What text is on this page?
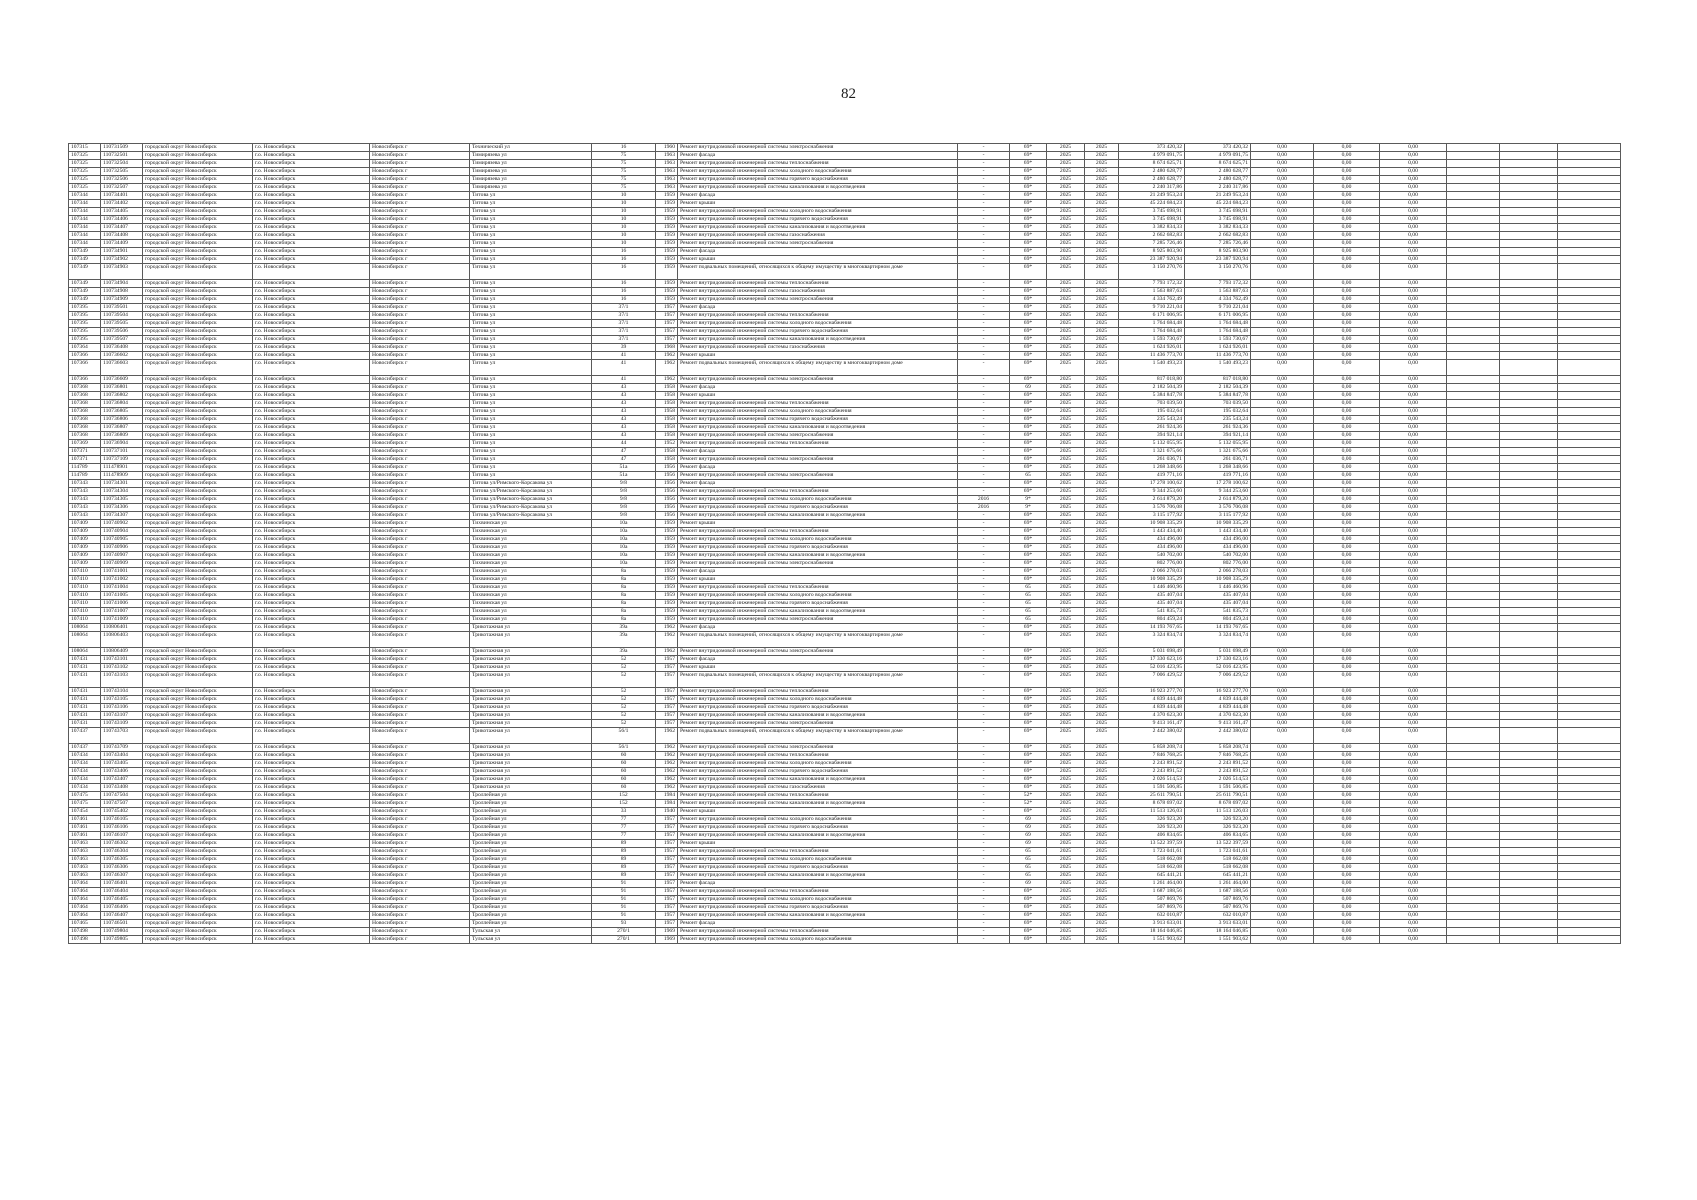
82
107315	110731509	городской округ Новосибирск	г.о. Новосибирск	Новосибирск г	Технический ул	16	1960	Ремонт внутридомовой инженерной системы электроснабжения	-	69*	2025	2025	373 420,32	373 420,32	0,00	0,00	0,00			
107325	110732501	городской округ Новосибирск	г.о. Новосибирск	Новосибирск г	Тимирязева ул	75	1963	Ремонт фасада	-	69*	2025	2025	4 979 091,75	4 979 091,75	0,00	0,00	0,00			
107325	110732504	городской округ Новосибирск	г.о. Новосибирск	Новосибирск г	Тимирязева ул	75	1963	Ремонт внутридомовой инженерной системы теплоснабжения	-	69*	2025	2025	8 674 625,71	8 674 625,71	0,00	0,00	0,00			
107325	110732505	городской округ Новосибирск	г.о. Новосибирск	Новосибирск г	Тимирязева ул	75	1963	Ремонт внутридомовой инженерной системы холодного водоснабжения	-	69*	2025	2025	2 480 628,77	2 480 628,77	0,00	0,00	0,00			
107325	110732506	городской округ Новосибирск	г.о. Новосибирск	Новосибирск г	Тимирязева ул	75	1963	Ремонт внутридомовой инженерной системы горячего водоснабжения	-	69*	2025	2025	2 480 628,77	2 480 628,77	0,00	0,00	0,00			
107325	110732507	городской округ Новосибирск	г.о. Новосибирск	Новосибирск г	Тимирязева ул	75	1963	Ремонт внутридомовой инженерной системы канализования и водоотведения	-	69*	2025	2025	2 240 317,86	2 240 317,86	0,00	0,00	0,00			
107344	110734401	городской округ Новосибирск	г.о. Новосибирск	Новосибирск г	Титова ул	10	1959	Ремонт фасада	-	69*	2025	2025	21 249 953,24	21 249 953,24	0,00	0,00	0,00			
107344	110734402	городской округ Новосибирск	г.о. Новосибирск	Новосибирск г	Титова ул	10	1959	Ремонт крыши	-	69*	2025	2025	45 224 684,23	45 224 684,23	0,00	0,00	0,00			
107344	110734405	городской округ Новосибирск	г.о. Новосибирск	Новосибирск г	Титова ул	10	1959	Ремонт внутридомовой инженерной системы холодного водоснабжения	-	69*	2025	2025	3 745 698,91	3 745 698,91	0,00	0,00	0,00			
107344	110734406	городской округ Новосибирск	г.о. Новосибирск	Новосибирск г	Титова ул	10	1959	Ремонт внутридомовой инженерной системы горячего водоснабжения	-	69*	2025	2025	3 745 698,91	3 745 698,91	0,00	0,00	0,00			
107344	110734407	городской округ Новосибирск	г.о. Новосибирск	Новосибирск г	Титова ул	10	1959	Ремонт внутридомовой инженерной системы канализования и водоотведения	-	69*	2025	2025	3 382 834,33	3 382 834,33	0,00	0,00	0,00			
107344	110734408	городской округ Новосибирск	г.о. Новосибирск	Новосибирск г	Титова ул	10	1959	Ремонт внутридомовой инженерной системы газоснабжения	-	69*	2025	2025	2 662 682,83	2 662 682,83	0,00	0,00	0,00			
107344	110734409	городской округ Новосибирск	г.о. Новосибирск	Новосибирск г	Титова ул	10	1959	Ремонт внутридомовой инженерной системы электроснабжения	-	69*	2025	2025	7 285 726,46	7 285 726,46	0,00	0,00	0,00			
107349	110734901	городской округ Новосибирск	г.о. Новосибирск	Новосибирск г	Титова ул	16	1959	Ремонт фасада	-	69*	2025	2025	8 925 803,90	8 925 803,90	0,00	0,00	0,00			
107349	110734902	городской округ Новосибирск	г.о. Новосибирск	Новосибирск г	Титова ул	16	1959	Ремонт крыши	-	69*	2025	2025	23 387 920,94	23 387 920,94	0,00	0,00	0,00			
107349	110734903	городской округ Новосибирск	г.о. Новосибирск	Новосибирск г	Титова ул	16	1959	Ремонт подвальных помещений, относящихся к общему имуществу в многоквартирном доме	-	69*	2025	2025	3 150 270,76	3 150 270,76	0,00	0,00	0,00			
107349	110734904	городской округ Новосибирск	г.о. Новосибирск	Новосибирск г	Титова ул	16	1959	Ремонт внутридомовой инженерной системы теплоснабжения	-	69*	2025	2025	7 793 172,32	7 793 172,32	0,00	0,00	0,00			
107349	110734908	городской округ Новосибирск	г.о. Новосибирск	Новосибирск г	Титова ул	16	1959	Ремонт внутридомовой инженерной системы газоснабжения	-	69*	2025	2025	1 563 887,63	1 563 887,63	0,00	0,00	0,00			
107349	110734909	городской округ Новосибирск	г.о. Новосибирск	Новосибирск г	Титова ул	16	1959	Ремонт внутридомовой инженерной системы электроснабжения	-	69*	2025	2025	4 334 762,49	4 334 762,49	0,00	0,00	0,00			
107395	110739501	городской округ Новосибирск	г.о. Новосибирск	Новосибирск г	Титова ул	37/1	1957	Ремонт фасада	-	69*	2025	2025	9 710 221,04	9 710 221,04	0,00	0,00	0,00			
107395	110739504	городской округ Новосибирск	г.о. Новосибирск	Новосибирск г	Титова ул	37/1	1957	Ремонт внутридомовой инженерной системы теплоснабжения	-	69*	2025	2025	6 171 006,95	6 171 006,95	0,00	0,00	0,00			
107395	110739505	городской округ Новосибирск	г.о. Новосибирск	Новосибирск г	Титова ул	37/1	1957	Ремонт внутридомовой инженерной системы холодного водоснабжения	-	69*	2025	2025	1 764 684,48	1 764 684,48	0,00	0,00	0,00			
107395	110739506	городской округ Новосибирск	г.о. Новосибирск	Новосибирск г	Титова ул	37/1	1957	Ремонт внутридомовой инженерной системы горячего водоснабжения	-	69*	2025	2025	1 764 684,48	1 764 684,48	0,00	0,00	0,00			
107395	110739507	городской округ Новосибирск	г.о. Новосибирск	Новосибирск г	Титова ул	37/1	1957	Ремонт внутридомовой инженерной системы канализования и водоотведения	-	69*	2025	2025	1 593 730,67	1 593 730,67	0,00	0,00	0,00			
107364	110736408	городской округ Новосибирск	г.о. Новосибирск	Новосибирск г	Титова ул	39	1968	Ремонт внутридомовой инженерной системы газоснабжения	-	69*	2025	2025	1 624 926,01	1 624 926,01	0,00	0,00	0,00			
107366	110736602	городской округ Новосибирск	г.о. Новосибирск	Новосибирск г	Титова ул	41	1962	Ремонт крыши	-	69*	2025	2025	11 436 773,70	11 436 773,70	0,00	0,00	0,00			
107366	110736603	городской округ Новосибирск	г.о. Новосибирск	Новосибирск г	Титова ул	41	1962	Ремонт подвальных помещений, относящихся к общему имуществу в многоквартирном доме	-	69*	2025	2025	1 540 493,23	1 540 493,23	0,00	0,00	0,00			
107366	110736609	городской округ Новосибирск	г.о. Новосибирск	Новосибирск г	Титова ул	41	1962	Ремонт внутридомовой инженерной системы электроснабжения	-	69*	2025	2025	817 018,80	817 018,80	0,00	0,00	0,00			
107368	110736801	городской округ Новосибирск	г.о. Новосибирск	Новосибирск г	Титова ул	43	1958	Ремонт фасада	-	69	2025	2025	2 182 504,39	2 182 504,39	0,00	0,00	0,00			
107368	110736802	городской округ Новосибирск	г.о. Новосибирск	Новосибирск г	Титова ул	43	1958	Ремонт крыши	-	69*	2025	2025	5 384 847,78	5 384 847,78	0,00	0,00	0,00			
107368	110736804	городской округ Новосибирск	г.о. Новосибирск	Новосибирск г	Титова ул	43	1958	Ремонт внутридомовой инженерной системы теплоснабжения	-	69*	2025	2025	703 039,50	703 039,50	0,00	0,00	0,00			
107368	110736805	городской округ Новосибирск	г.о. Новосибирск	Новосибирск г	Титова ул	43	1958	Ремонт внутридомовой инженерной системы холодного водоснабжения	-	69*	2025	2025	195 032,64	195 032,64	0,00	0,00	0,00			
107368	110736806	городской округ Новосибирск	г.о. Новосибирск	Новосибирск г	Титова ул	43	1958	Ремонт внутридомовой инженерной системы горячего водоснабжения	-	69*	2025	2025	235 543,24	235 543,24	0,00	0,00	0,00			
107368	110736807	городской округ Новосибирск	г.о. Новосибирск	Новосибирск г	Титова ул	43	1958	Ремонт внутридомовой инженерной системы канализования и водоотведения	-	69*	2025	2025	261 924,36	261 924,36	0,00	0,00	0,00			
107368	110736809	городской округ Новосибирск	г.о. Новосибирск	Новосибирск г	Титова ул	43	1958	Ремонт внутридомовой инженерной системы электроснабжения	-	69*	2025	2025	394 921,14	394 921,14	0,00	0,00	0,00			
107369	110736904	городской округ Новосибирск	г.о. Новосибирск	Новосибирск г	Титова ул	44	1952	Ремонт внутридомовой инженерной системы теплоснабжения	-	69*	2025	2025	5 132 055,95	5 132 055,95	0,00	0,00	0,00			
107371	110737101	городской округ Новосибирск	г.о. Новосибирск	Новосибирск г	Титова ул	47	1958	Ремонт фасада	-	69*	2025	2025	1 321 675,66	1 321 675,66	0,00	0,00	0,00			
107371	110737109	городской округ Новосибирск	г.о. Новосибирск	Новосибирск г	Титова ул	47	1958	Ремонт внутридомовой инженерной системы электроснабжения	-	69*	2025	2025	261 036,71	261 036,71	0,00	0,00	0,00			
114789	111478901	городской округ Новосибирск	г.о. Новосибирск	Новосибирск г	Титова ул	51а	1956	Ремонт фасада	-	69*	2025	2025	1 268 348,66	1 268 348,66	0,00	0,00	0,00			
114789	111478909	городской округ Новосибирск	г.о. Новосибирск	Новосибирск г	Титова ул	51а	1956	Ремонт внутридомовой инженерной системы электроснабжения	-	65	2025	2025	419 771,16	419 771,16	0,00	0,00	0,00			
107343	110734301	городской округ Новосибирск	г.о. Новосибирск	Новосибирск г	Титова ул/Римского-Корсакова ул	9/8	1956	Ремонт фасада	-	69*	2025	2025	17 278 100,62	17 278 100,62	0,00	0,00	0,00			
107343	110734304	городской округ Новосибирск	г.о. Новосибирск	Новосибирск г	Титова ул/Римского-Корсакова ул	9/8	1956	Ремонт внутридомовой инженерной системы теплоснабжения	-	69*	2025	2025	9 344 253,60	9 344 253,60	0,00	0,00	0,00			
107343	110734305	городской округ Новосибирск	г.о. Новосибирск	Новосибирск г	Титова ул/Римского-Корсакова ул	9/8	1956	Ремонт внутридомовой инженерной системы холодного водоснабжения	2016	9*	2025	2025	2 614 879,20	2 614 879,20	0,00	0,00	0,00			
107343	110734306	городской округ Новосибирск	г.о. Новосибирск	Новосибирск г	Титова ул/Римского-Корсакова ул	9/8	1956	Ремонт внутридомовой инженерной системы горячего водоснабжения	2016	9*	2025	2025	3 576 706,08	3 576 706,08	0,00	0,00	0,00			
107343	110734307	городской округ Новосибирск	г.о. Новосибирск	Новосибирск г	Титова ул/Римского-Корсакова ул	9/8	1956	Ремонт внутридомовой инженерной системы канализования и водоотведения	-	69*	2025	2025	3 115 177,92	3 115 177,92	0,00	0,00	0,00			
107409	110740902	городской округ Новосибирск	г.о. Новосибирск	Новосибирск г	Тихвинская ул	10а	1959	Ремонт крыши	-	69*	2025	2025	10 908 335,29	10 908 335,29	0,00	0,00	0,00			
107409	110740904	городской округ Новосибирск	г.о. Новосибирск	Новосибирск г	Тихвинская ул	10а	1959	Ремонт внутридомовой инженерной системы теплоснабжения	-	69*	2025	2025	1 443 434,40	1 443 434,40	0,00	0,00	0,00			
107409	110740905	городской округ Новосибирск	г.о. Новосибирск	Новосибирск г	Тихвинская ул	10а	1959	Ремонт внутридомовой инженерной системы холодного водоснабжения	-	69*	2025	2025	434 496,00	434 496,00	0,00	0,00	0,00			
107409	110740906	городской округ Новосибирск	г.о. Новосибирск	Новосибирск г	Тихвинская ул	10а	1959	Ремонт внутридомовой инженерной системы горячего водоснабжения	-	69*	2025	2025	434 496,00	434 496,00	0,00	0,00	0,00			
107409	110740907	городской округ Новосибирск	г.о. Новосибирск	Новосибирск г	Тихвинская ул	10а	1959	Ремонт внутридомовой инженерной системы канализования и водоотведения	-	69*	2025	2025	540 702,00	540 702,00	0,00	0,00	0,00			
107409	110740909	городской округ Новосибирск	г.о. Новосибирск	Новосибирск г	Тихвинская ул	10а	1959	Ремонт внутридомовой инженерной системы электроснабжения	-	69*	2025	2025	802 776,00	802 776,00	0,00	0,00	0,00			
107410	110741001	городской округ Новосибирск	г.о. Новосибирск	Новосибирск г	Тихвинская ул	8а	1959	Ремонт фасада	-	69*	2025	2025	2 066 278,03	2 066 278,03	0,00	0,00	0,00			
107410	110741002	городской округ Новосибирск	г.о. Новосибирск	Новосибирск г	Тихвинская ул	8а	1959	Ремонт крыши	-	69*	2025	2025	10 908 335,29	10 908 335,29	0,00	0,00	0,00			
107410	110741004	городской округ Новосибирск	г.о. Новосибирск	Новосибирск г	Тихвинская ул	8а	1959	Ремонт внутридомовой инженерной системы теплоснабжения	-	65	2025	2025	1 446 460,96	1 446 460,96	0,00	0,00	0,00			
107410	110741005	городской округ Новосибирск	г.о. Новосибирск	Новосибирск г	Тихвинская ул	8а	1959	Ремонт внутридомовой инженерной системы холодного водоснабжения	-	65	2025	2025	435 407,04	435 407,04	0,00	0,00	0,00			
107410	110741006	городской округ Новосибирск	г.о. Новосибирск	Новосибирск г	Тихвинская ул	8а	1959	Ремонт внутридомовой инженерной системы горячего водоснабжения	-	65	2025	2025	435 407,04	435 407,04	0,00	0,00	0,00			
107410	110741007	городской округ Новосибирск	г.о. Новосибирск	Новосибирск г	Тихвинская ул	8а	1959	Ремонт внутридомовой инженерной системы канализования и водоотведения	-	65	2025	2025	541 835,73	541 835,73	0,00	0,00	0,00			
107410	110741009	городской округ Новосибирск	г.о. Новосибирск	Новосибирск г	Тихвинская ул	8а	1959	Ремонт внутридомовой инженерной системы электроснабжения	-	65	2025	2025	804 459,24	804 459,24	0,00	0,00	0,00			
108064	110806401	городской округ Новосибирск	г.о. Новосибирск	Новосибирск г	Трикотажная ул	39а	1962	Ремонт фасада	-	69*	2025	2025	14 193 767,65	14 193 767,65	0,00	0,00	0,00			
108064	110806403	городской округ Новосибирск	г.о. Новосибирск	Новосибирск г	Трикотажная ул	39а	1962	Ремонт подвальных помещений, относящихся к общему имуществу в многоквартирном доме	-	69*	2025	2025	3 324 834,74	3 324 834,74	0,00	0,00	0,00			
108064	110806409	городской округ Новосибирск	г.о. Новосибирск	Новосибирск г	Трикотажная ул	39а	1962	Ремонт внутридомовой инженерной системы электроснабжения	-	69*	2025	2025	5 031 698,49	5 031 698,49	0,00	0,00	0,00			
107431	110743101	городской округ Новосибирск	г.о. Новосибирск	Новосибирск г	Трикотажная ул	52	1957	Ремонт фасада	-	69*	2025	2025	17 330 623,16	17 330 623,16	0,00	0,00	0,00			
107431	110743102	городской округ Новосибирск	г.о. Новосибирск	Новосибирск г	Трикотажная ул	52	1957	Ремонт крыши	-	69*	2025	2025	52 016 423,95	52 016 423,95	0,00	0,00	0,00			
107431	110743103	городской округ Новосибирск	г.о. Новосибирск	Новосибирск г	Трикотажная ул	52	1957	Ремонт подвальных помещений, относящихся к общему имуществу в многоквартирном доме	-	69*	2025	2025	7 006 429,52	7 006 429,52	0,00	0,00	0,00			
107431	110743104	городской округ Новосибирск	г.о. Новосибирск	Новосибирск г	Трикотажная ул	52	1957	Ремонт внутридомовой инженерной системы теплоснабжения	-	69*	2025	2025	16 923 277,70	16 923 277,70	0,00	0,00	0,00			
107431	110743105	городской округ Новосибирск	г.о. Новосибирск	Новосибирск г	Трикотажная ул	52	1957	Ремонт внутридомовой инженерной системы холодного водоснабжения	-	69*	2025	2025	4 839 444,48	4 839 444,48	0,00	0,00	0,00			
107431	110743106	городской округ Новосибирск	г.о. Новосибирск	Новосибирск г	Трикотажная ул	52	1957	Ремонт внутридомовой инженерной системы горячего водоснабжения	-	69*	2025	2025	4 839 444,48	4 839 444,48	0,00	0,00	0,00			
107431	110743107	городской округ Новосибирск	г.о. Новосибирск	Новосибирск г	Трикотажная ул	52	1957	Ремонт внутридомовой инженерной системы канализования и водоотведения	-	69*	2025	2025	4 370 623,30	4 370 623,30	0,00	0,00	0,00			
107431	110743109	городской округ Новосибирск	г.о. Новосибирск	Новосибирск г	Трикотажная ул	52	1957	Ремонт внутридомовой инженерной системы электроснабжения	-	69*	2025	2025	9 413 161,47	9 413 161,47	0,00	0,00	0,00			
107437	110743703	городской округ Новосибирск	г.о. Новосибирск	Новосибирск г	Трикотажная ул	56/1	1962	Ремонт подвальных помещений, относящихся к общему имуществу в многоквартирном доме	-	69*	2025	2025	2 442 380,02	2 442 380,02	0,00	0,00	0,00			
107437	110743709	городской округ Новосибирск	г.о. Новосибирск	Новосибирск г	Трикотажная ул	56/1	1962	Ремонт внутридомовой инженерной системы электроснабжения	-	69*	2025	2025	5 858 208,74	5 858 208,74	0,00	0,00	0,00			
107434	110743404	городской округ Новосибирск	г.о. Новосибирск	Новосибирск г	Трикотажная ул	60	1962	Ремонт внутридомовой инженерной системы теплоснабжения	-	69*	2025	2025	7 846 768,25	7 846 768,25	0,00	0,00	0,00			
107434	110743405	городской округ Новосибирск	г.о. Новосибирск	Новосибирск г	Трикотажная ул	60	1962	Ремонт внутридомовой инженерной системы холодного водоснабжения	-	69*	2025	2025	2 243 891,52	2 243 891,52	0,00	0,00	0,00			
107434	110743406	городской округ Новосибирск	г.о. Новосибирск	Новосибирск г	Трикотажная ул	60	1962	Ремонт внутридомовой инженерной системы горячего водоснабжения	-	69*	2025	2025	2 243 891,52	2 243 891,52	0,00	0,00	0,00			
107434	110743407	городской округ Новосибирск	г.о. Новосибирск	Новосибирск г	Трикотажная ул	60	1962	Ремонт внутридомовой инженерной системы канализования и водоотведения	-	69*	2025	2025	2 026 514,53	2 026 514,53	0,00	0,00	0,00			
107434	110743408	городской округ Новосибирск	г.о. Новосибирск	Новосибирск г	Трикотажная ул	60	1962	Ремонт внутридомовой инженерной системы газоснабжения	-	69*	2025	2025	1 591 506,85	1 591 506,85	0,00	0,00	0,00			
107475	110747504	городской округ Новосибирск	г.о. Новосибирск	Новосибирск г	Троллейная ул	152	1984	Ремонт внутридомовой инженерной системы теплоснабжения	-	52*	2025	2025	25 611 790,51	25 611 790,51	0,00	0,00	0,00			
107475	110747507	городской округ Новосибирск	г.о. Новосибирск	Новосибирск г	Троллейная ул	152	1984	Ремонт внутридомовой инженерной системы канализования и водоотведения	-	52*	2025	2025	8 678 697,02	8 678 697,02	0,00	0,00	0,00			
107454	110745402	городской округ Новосибирск	г.о. Новосибирск	Новосибирск г	Троллейная ул	33	1940	Ремонт крыши	-	69*	2025	2025	11 513 126,03	11 513 126,03	0,00	0,00	0,00			
107461	110746105	городской округ Новосибирск	г.о. Новосибирск	Новосибирск г	Троллейная ул	77	1957	Ремонт внутридомовой инженерной системы холодного водоснабжения	-	69	2025	2025	326 923,20	326 923,20	0,00	0,00	0,00			
107461	110746106	городской округ Новосибирск	г.о. Новосибирск	Новосибирск г	Троллейная ул	77	1957	Ремонт внутридомовой инженерной системы горячего водоснабжения	-	69	2025	2025	326 923,20	326 923,20	0,00	0,00	0,00			
107461	110746107	городской округ Новосибирск	г.о. Новосибирск	Новосибирск г	Троллейная ул	77	1957	Ремонт внутридомовой инженерной системы канализования и водоотведения	-	69	2025	2025	406 834,65	406 834,65	0,00	0,00	0,00			
107463	110746302	городской округ Новосибирск	г.о. Новосибирск	Новосибирск г	Троллейная ул	89	1957	Ремонт крыши	-	69	2025	2025	13 522 397,59	13 522 397,59	0,00	0,00	0,00			
107463	110746304	городской округ Новосибирск	г.о. Новосибирск	Новосибирск г	Троллейная ул	89	1957	Ремонт внутридомовой инженерной системы теплоснабжения	-	65	2025	2025	1 723 041,61	1 723 041,61	0,00	0,00	0,00			
107463	110746305	городской округ Новосибирск	г.о. Новосибирск	Новосибирск г	Троллейная ул	89	1957	Ремонт внутридомовой инженерной системы холодного водоснабжения	-	65	2025	2025	518 662,08	518 662,08	0,00	0,00	0,00			
107463	110746306	городской округ Новосибирск	г.о. Новосибирск	Новосибирск г	Троллейная ул	89	1957	Ремонт внутридомовой инженерной системы горячего водоснабжения	-	65	2025	2025	518 662,08	518 662,08	0,00	0,00	0,00			
107463	110746307	городской округ Новосибирск	г.о. Новосибирск	Новосибирск г	Троллейная ул	89	1957	Ремонт внутридомовой инженерной системы канализования и водоотведения	-	65	2025	2025	645 441,21	645 441,21	0,00	0,00	0,00			
107464	110746401	городской округ Новосибирск	г.о. Новосибирск	Новосибирск г	Троллейная ул	91	1957	Ремонт фасада	-	69	2025	2025	1 261 464,00	1 261 464,00	0,00	0,00	0,00			
107464	110746404	городской округ Новосибирск	г.о. Новосибирск	Новосибирск г	Троллейная ул	91	1957	Ремонт внутридомовой инженерной системы теплоснабжения	-	69*	2025	2025	1 687 188,56	1 687 188,56	0,00	0,00	0,00			
107464	110746405	городской округ Новосибирск	г.о. Новосибирск	Новосибирск г	Троллейная ул	91	1957	Ремонт внутридомовой инженерной системы холодного водоснабжения	-	69*	2025	2025	507 869,76	507 869,76	0,00	0,00	0,00			
107464	110746406	городской округ Новосибирск	г.о. Новосибирск	Новосибирск г	Троллейная ул	91	1957	Ремонт внутридомовой инженерной системы горячего водоснабжения	-	69*	2025	2025	507 869,76	507 869,76	0,00	0,00	0,00			
107464	110746407	городской округ Новосибирск	г.о. Новосибирск	Новосибирск г	Троллейная ул	91	1957	Ремонт внутридомовой инженерной системы канализования и водоотведения	-	69*	2025	2025	632 010,87	632 010,87	0,00	0,00	0,00			
107465	110746501	городской округ Новосибирск	г.о. Новосибирск	Новосибирск г	Троллейная ул	93	1957	Ремонт фасада	-	69*	2025	2025	3 913 633,01	3 913 633,01	0,00	0,00	0,00			
107498	110749804	городской округ Новосибирск	г.о. Новосибирск	Новосибирск г	Тульская ул	270/1	1969	Ремонт внутридомовой инженерной системы теплоснабжения	-	69*	2025	2025	18 164 046,85	18 164 046,85	0,00	0,00	0,00			
107498	110749805	городской округ Новосибирск	г.о. Новосибирск	Новосибирск г	Тульская ул	270/1	1969	Ремонт внутридомовой инженерной системы холодного водоснабжения	-	69*	2025	2025	1 551 903,62	1 551 903,62	0,00	0,00	0,00			
